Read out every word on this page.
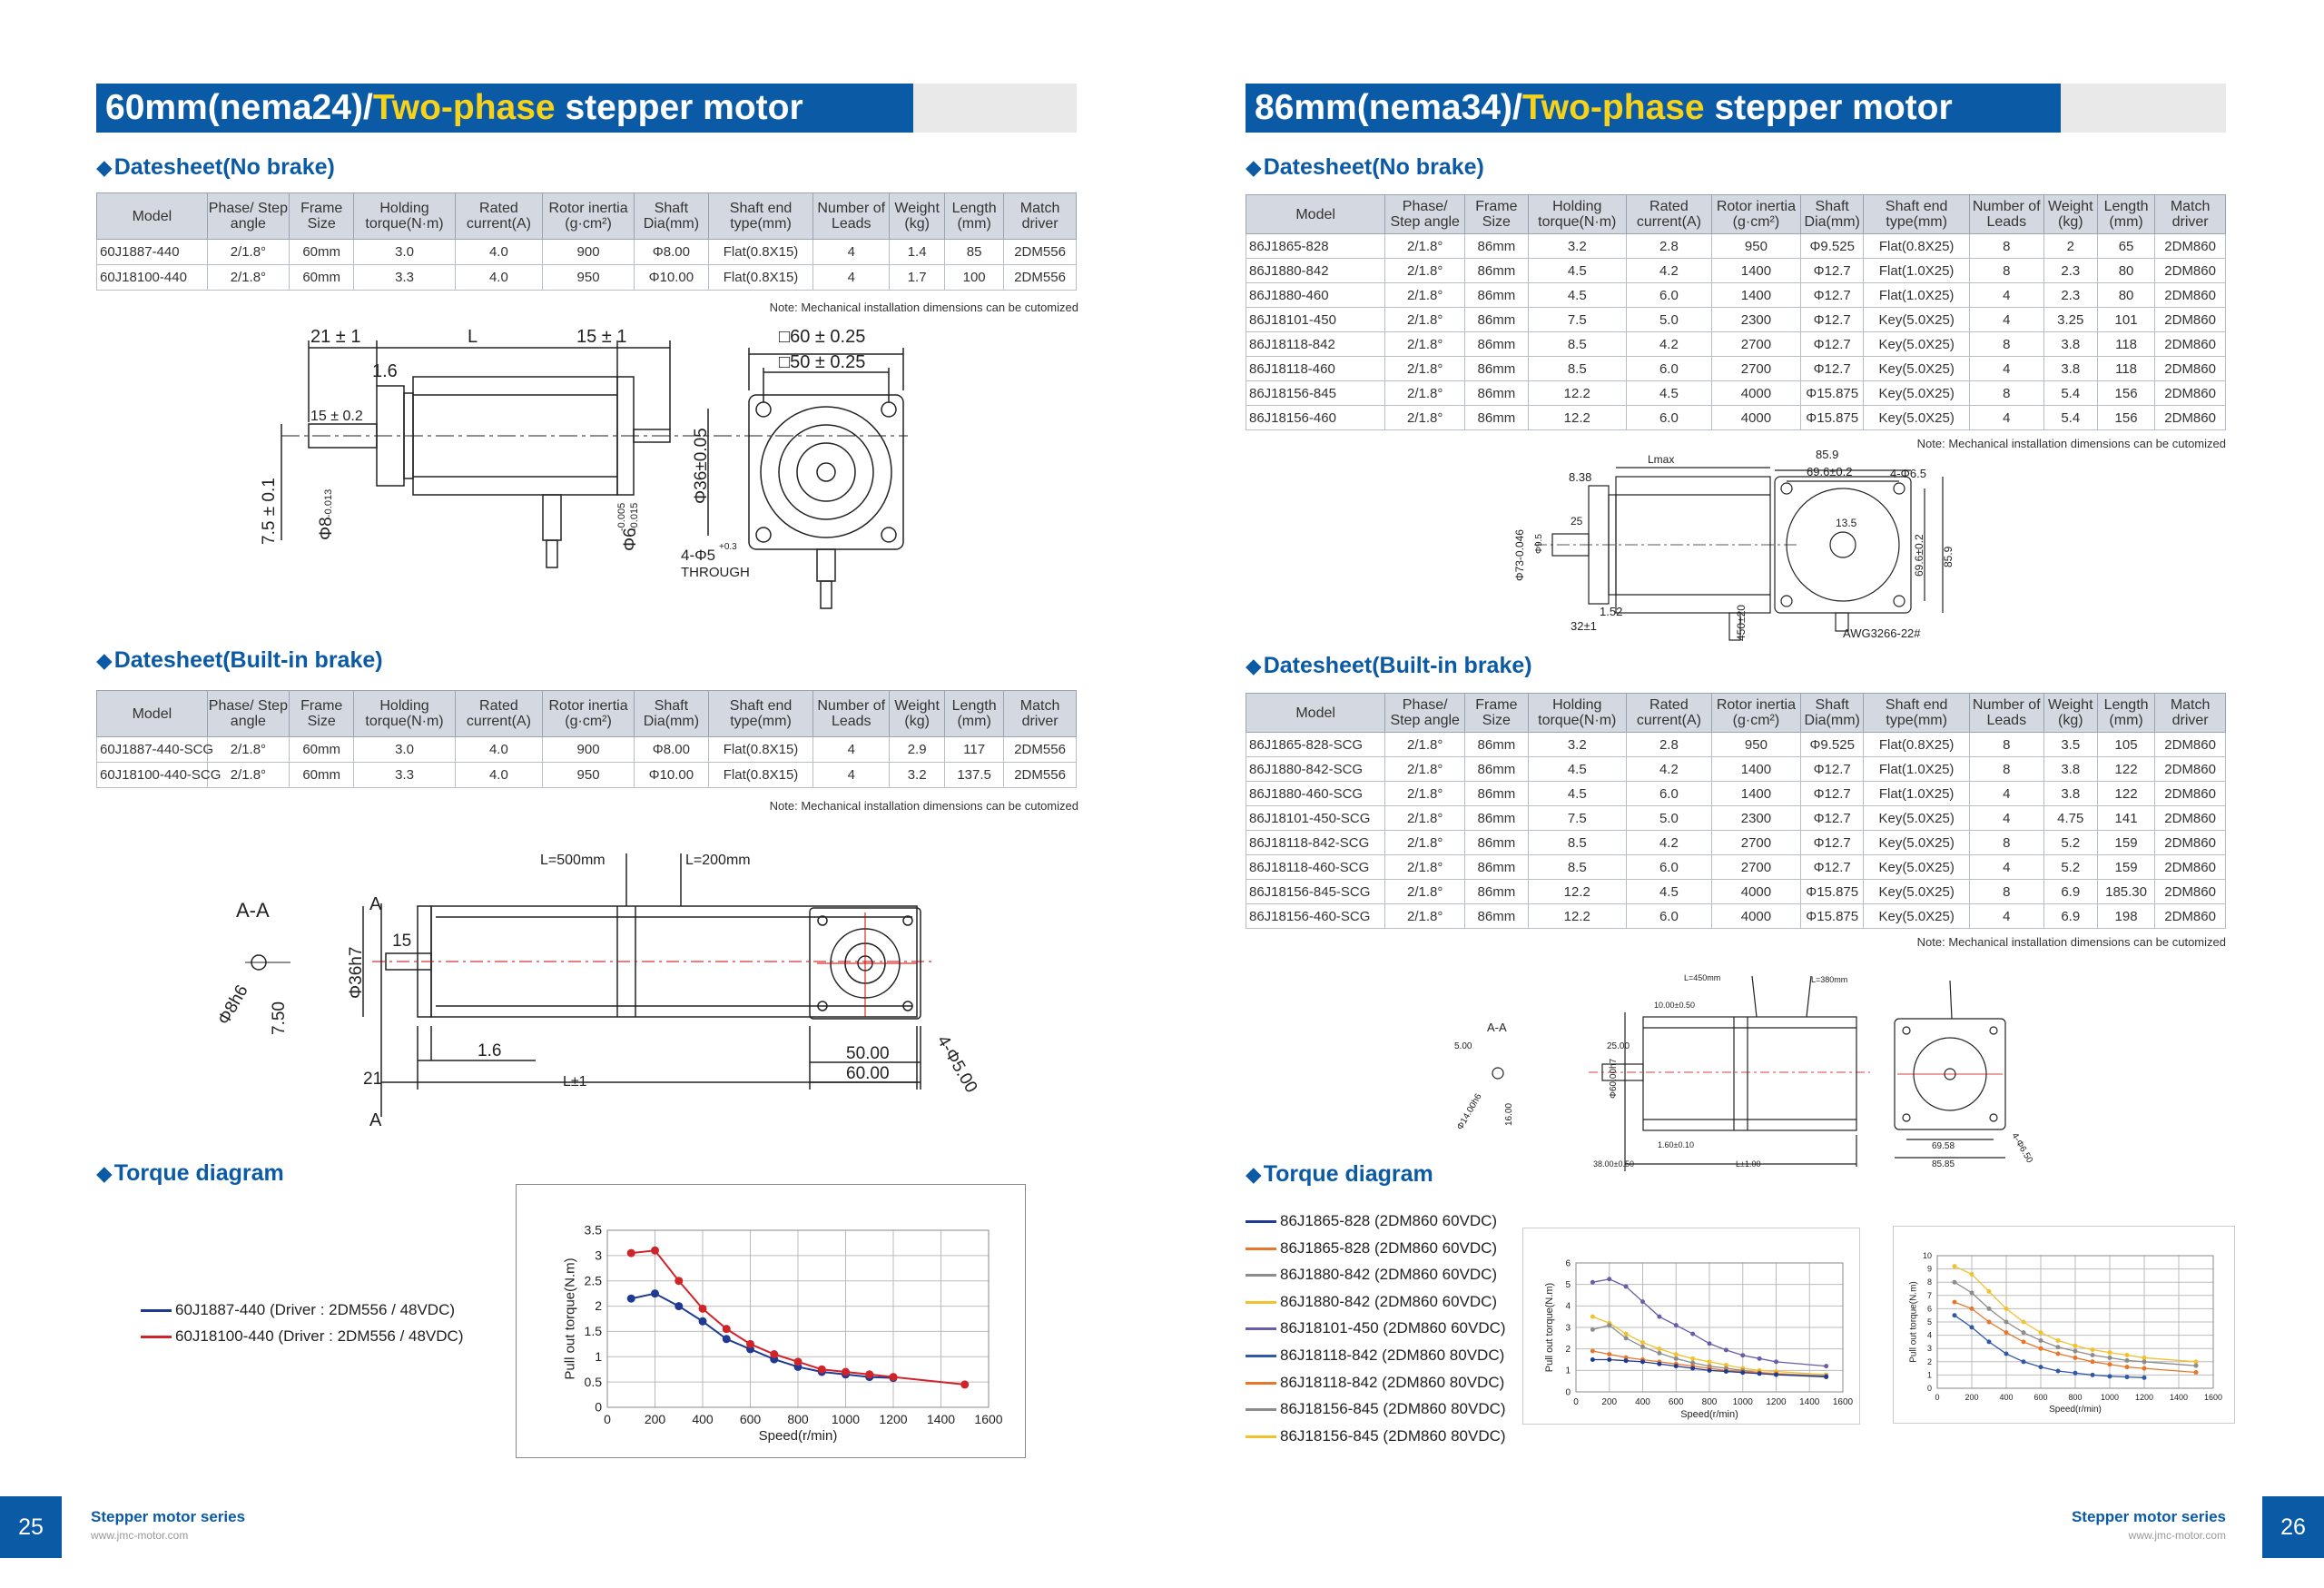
60mm(nema24)/Two-phase stepper motor
◆Datesheet(No brake)
Model	Phase/ Step angle	Frame Size	Holding torque(N·m)	Rated current(A)	Rotor inertia (g·cm²)	Shaft Dia(mm)	Shaft end type(mm)	Number of Leads	Weight (kg)	Length (mm)	Match driver
60J1887-440	2/1.8°	60mm	3.0	4.0	900	Φ8.00	Flat(0.8X15)	4	1.4	85	2DM556
60J18100-440	2/1.8°	60mm	3.3	4.0	950	Φ10.00	Flat(0.8X15)	4	1.7	100	2DM556
Note: Mechanical installation dimensions can be cutomized
21 ± 1	L	15 ± 1
1.6
15 ± 0.2
7.5 ± 0.1 Φ8
-0.013
Φ6
-0.005 -0.015
□60 ± 0.25
□50 ± 0.25
Φ36±0.05
4-Φ5 +0.3
THROUGH
◆Datesheet(Built-in brake)
Model	Phase/ Step angle	Frame Size	Holding torque(N·m)	Rated current(A)	Rotor inertia (g·cm²)	Shaft Dia(mm)	Shaft end type(mm)	Number of Leads	Weight (kg)	Length (mm)	Match driver
60J1887-440-SCG	2/1.8°	60mm	3.0	4.0	900	Φ8.00	Flat(0.8X15)	4	2.9	117	2DM556
60J18100-440-SCG	2/1.8°	60mm	3.3	4.0	950	Φ10.00	Flat(0.8X15)	4	3.2	137.5	2DM556
Note: Mechanical installation dimensions can be cutomized
A-A	A
A
L=500mm	L=200mm
Φ8h6 7.50
Φ36h7
15
1.6
21	L±1
50.00
60.00	4-Φ5.00
◆Torque diagram
60J1887-440 (Driver : 2DM556 / 48VDC)
60J18100-440 (Driver : 2DM556 / 48VDC)
0	200 400 600 800 1000 1200 1400 1600
0
0.5
1
1.5
2
2.5
3
3.5
Speed(r/min)
Pull out torque(N.m)
25	Stepper motor series
www.jmc-motor.com
86mm(nema34)/Two-phase stepper motor
◆Datesheet(No brake)
Model	Phase/ Step angle	Frame Size	Holding torque(N·m)	Rated current(A)	Rotor inertia (g·cm²)	Shaft Dia(mm)	Shaft end type(mm)	Number of Leads	Weight (kg)	Length (mm)	Match driver
86J1865-828	2/1.8°	86mm	3.2	2.8	950	Φ9.525	Flat(0.8X25)	8	2	65	2DM860
86J1880-842	2/1.8°	86mm	4.5	4.2	1400	Φ12.7	Flat(1.0X25)	8	2.3	80	2DM860
86J1880-460	2/1.8°	86mm	4.5	6.0	1400	Φ12.7	Flat(1.0X25)	4	2.3	80	2DM860
86J18101-450	2/1.8°	86mm	7.5	5.0	2300	Φ12.7	Key(5.0X25)	4	3.25	101	2DM860
86J18118-842	2/1.8°	86mm	8.5	4.2	2700	Φ12.7	Key(5.0X25)	8	3.8	118	2DM860
86J18118-460	2/1.8°	86mm	8.5	6.0	2700	Φ12.7	Key(5.0X25)	4	3.8	118	2DM860
86J18156-845	2/1.8°	86mm	12.2	4.5	4000	Φ15.875	Key(5.0X25)	8	5.4	156	2DM860
86J18156-460	2/1.8°	86mm	12.2	6.0	4000	Φ15.875	Key(5.0X25)	4	5.4	156	2DM860
Note: Mechanical installation dimensions can be cutomized
Lmax
8.38
25
32±1
1.52
Φ73-0.046 Φ9.5
450±20
85.9
69.6±0.2	4-Φ6.5
13.5
69.6±0.2 85.9
AWG3266-22#
◆Datesheet(Built-in brake)
Model	Phase/ Step angle	Frame Size	Holding torque(N·m)	Rated current(A)	Rotor inertia (g·cm²)	Shaft Dia(mm)	Shaft end type(mm)	Number of Leads	Weight (kg)	Length (mm)	Match driver
86J1865-828-SCG	2/1.8°	86mm	3.2	2.8	950	Φ9.525	Flat(0.8X25)	8	3.5	105	2DM860
86J1880-842-SCG	2/1.8°	86mm	4.5	4.2	1400	Φ12.7	Flat(1.0X25)	8	3.8	122	2DM860
86J1880-460-SCG	2/1.8°	86mm	4.5	6.0	1400	Φ12.7	Flat(1.0X25)	4	3.8	122	2DM860
86J18101-450-SCG	2/1.8°	86mm	7.5	5.0	2300	Φ12.7	Key(5.0X25)	4	4.75	141	2DM860
86J18118-842-SCG	2/1.8°	86mm	8.5	4.2	2700	Φ12.7	Key(5.0X25)	8	5.2	159	2DM860
86J18118-460-SCG	2/1.8°	86mm	8.5	6.0	2700	Φ12.7	Key(5.0X25)	4	5.2	159	2DM860
86J18156-845-SCG	2/1.8°	86mm	12.2	4.5	4000	Φ15.875	Key(5.0X25)	8	6.9	185.30	2DM860
86J18156-460-SCG	2/1.8°	86mm	12.2	6.0	4000	Φ15.875	Key(5.0X25)	4	6.9	198	2DM860
Note: Mechanical installation dimensions can be cutomized
A-A
L=450mm	L=380mm
10.00±0.50
25.00
5.00
Φ60.00h7
16.00
Φ14.00h6
1.60±0.10
38.00±0.50	L±1.00
69.58
85.85	4-Φ6.50
◆Torque diagram
86J1865-828 (2DM860 60VDC)
86J1865-828 (2DM860 60VDC)
86J1880-842 (2DM860 60VDC)
86J1880-842 (2DM860 60VDC)
86J18101-450 (2DM860 60VDC)
86J18118-842 (2DM860 80VDC)
86J18118-842 (2DM860 80VDC)
86J18156-845 (2DM860 80VDC)
86J18156-845 (2DM860 80VDC)
0	200 400 600 800 1000 1200 1400 1600
0
1
2
3
4
5
6
Speed(r/min)
Pull out torque(N.m)
0	200	400	600	800 1000 1200 1400 1600
0
1
2
3
4
5
6
7
8
9
10
Speed(r/min)
Pull out torque(N.m)
26
Stepper motor series
www.jmc-motor.com
